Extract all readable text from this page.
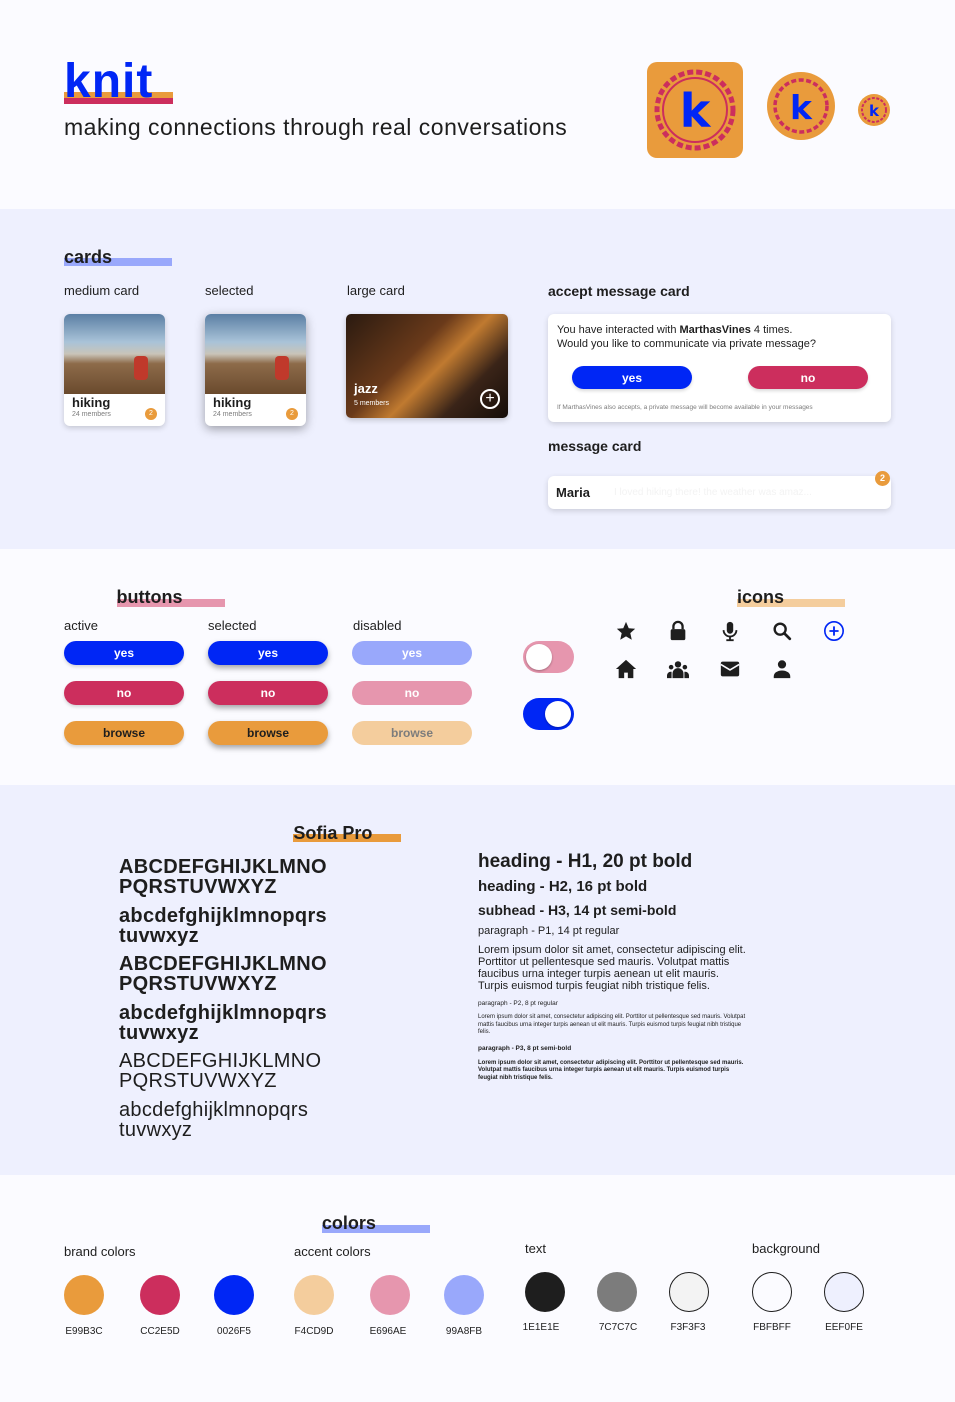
knit
making connections through real conversations k k	k
cards
medium card	selected	large card
hiking
24 members	2
hiking
24 members	2
jazz
5 members	+
accept message card
You have interacted with MarthasVines 4 times.
Would you like to communicate via private message?
yes	no
If MarthasVines also accepts, a private message will become available in your messages
message card
Maria I loved hiking there! the weather was amaz...
2
buttons
active	selected	disabled
yes	yes	yes
no	no	no
browse	browse	browse
icons
Sofia Pro
ABCDEFGHIJKLMNO
PQRSTUVWXYZ
abcdefghijklmnopqrs
tuvwxyz
ABCDEFGHIJKLMNO
PQRSTUVWXYZ
abcdefghijklmnopqrs
tuvwxyz
ABCDEFGHIJKLMNO
PQRSTUVWXYZ
abcdefghijklmnopqrs
tuvwxyz
heading - H1, 20 pt bold
heading - H2, 16 pt bold
subhead - H3, 14 pt semi-bold
paragraph - P1, 14 pt regular
Lorem ipsum dolor sit amet, consectetur adipiscing elit. Porttitor ut pellentesque sed mauris. Volutpat mattis faucibus urna integer turpis aenean ut elit mauris. Turpis euismod turpis feugiat nibh tristique felis.
paragraph - P2, 8 pt regular
Lorem ipsum dolor sit amet, consectetur adipiscing elit. Porttitor ut pellentesque sed mauris. Volutpat mattis faucibus urna integer turpis aenean ut elit mauris. Turpis euismod turpis feugiat nibh tristique felis.
paragraph - P3, 8 pt semi-bold
Lorem ipsum dolor sit amet, consectetur adipiscing elit. Porttitor ut pellentesque sed mauris. Volutpat mattis faucibus urna integer turpis aenean ut elit mauris. Turpis euismod turpis feugiat nibh tristique felis.
colors
brand colors	accent colors	text	background
E99B3C	CC2E5D	0026F5	F4CD9D	E696AE	99A8FB	1E1E1E	7C7C7C	F3F3F3	FBFBFF	EEF0FE
